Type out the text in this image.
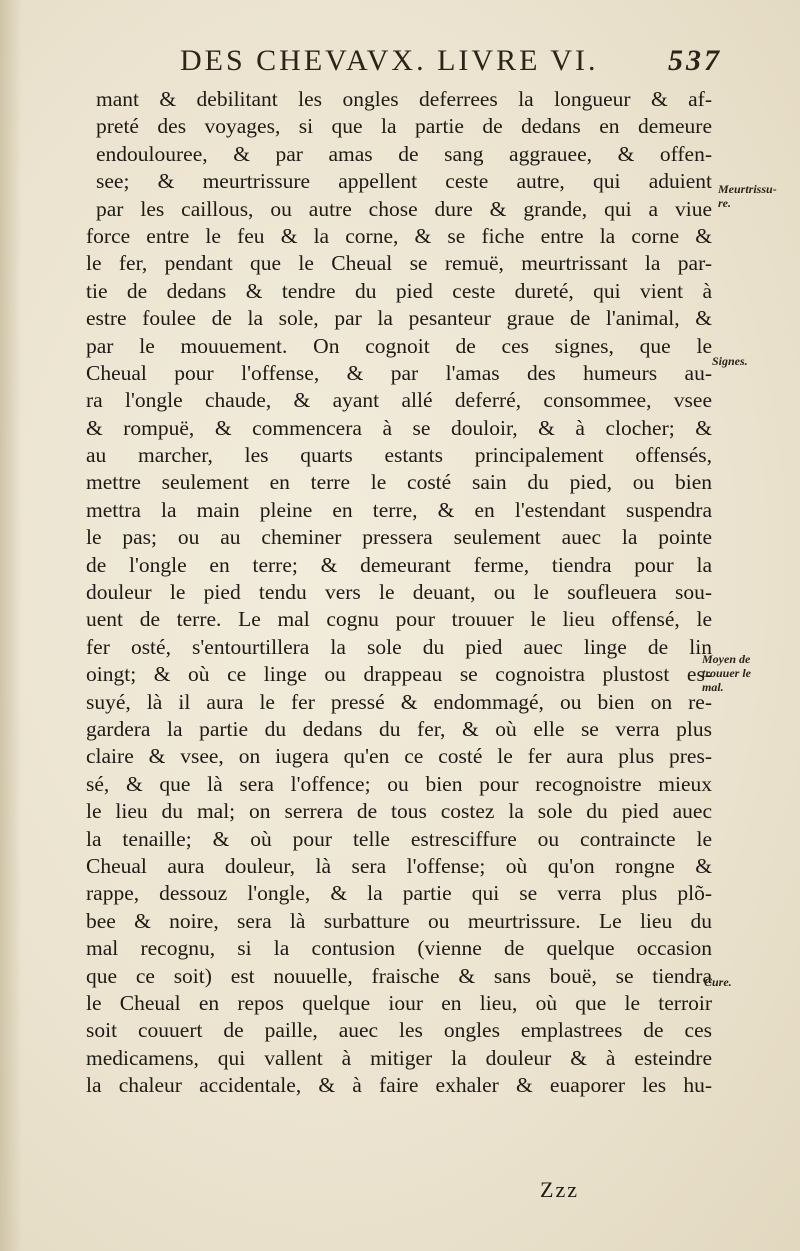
DES CHEVAVX. LIVRE VI. 537
mant & debilitant les ongles deferrees la longueur & af-
preté des voyages, si que la partie de dedans en demeure
endoulouree, & par amas de sang aggrauee, & offen-
see; & meurtrissure appellent ceste autre, qui aduient
par les caillous, ou autre chose dure & grande, qui a viue
force entre le feu & la corne, & se fiche entre la corne &
le fer, pendant que le Cheual se remuë, meurtrissant la par-
tie de dedans & tendre du pied ceste dureté, qui vient à
estre foulee de la sole, par la pesanteur graue de l'animal, &
par le mouuement. On cognoit de ces signes, que le
Cheual pour l'offense, & par l'amas des humeurs au-
ra l'ongle chaude, & ayant allé deferré, consommee, vsee
& rompuë, & commencera à se douloir, & à clocher; &
au marcher, les quarts estants principalement offensés,
mettre seulement en terre le costé sain du pied, ou bien
mettra la main pleine en terre, & en l'estendant suspendra
le pas; ou au cheminer pressera seulement auec la pointe
de l'ongle en terre; & demeurant ferme, tiendra pour la
douleur le pied tendu vers le deuant, ou le soufleuera sou-
uent de terre. Le mal cognu pour trouuer le lieu offensé, le
fer osté, s'entourtillera la sole du pied auec linge de lin
oingt; & où ce linge ou drappeau se cognoistra plustost es-
suyé, là il aura le fer pressé & endommagé, ou bien on re-
gardera la partie du dedans du fer, & où elle se verra plus
claire & vsee, on iugera qu'en ce costé le fer aura plus pres-
sé, & que là sera l'offence; ou bien pour recognoistre mieux
le lieu du mal; on serrera de tous costez la sole du pied auec
la tenaille; & où pour telle estresciffure ou contraincte le
Cheual aura douleur, là sera l'offense; où qu'on rongne &
rappe, dessouz l'ongle, & la partie qui se verra plus plõ-
bee & noire, sera là surbatture ou meurtrissure. Le lieu du
mal recognu, si la contusion (vienne de quelque occasion
que ce soit) est nouuelle, fraische & sans bouë, se tiendra
le Cheual en repos quelque iour en lieu, où que le terroir
soit couuert de paille, auec les ongles emplastrees de ces
medicamens, qui vallent à mitiger la douleur & à esteindre
la chaleur accidentale, & à faire exhaler & euaporer les hu-
Meurtrissu-
re.
Signes.
Moyen de
trouuer le
mal.
Cure.
Zzz
